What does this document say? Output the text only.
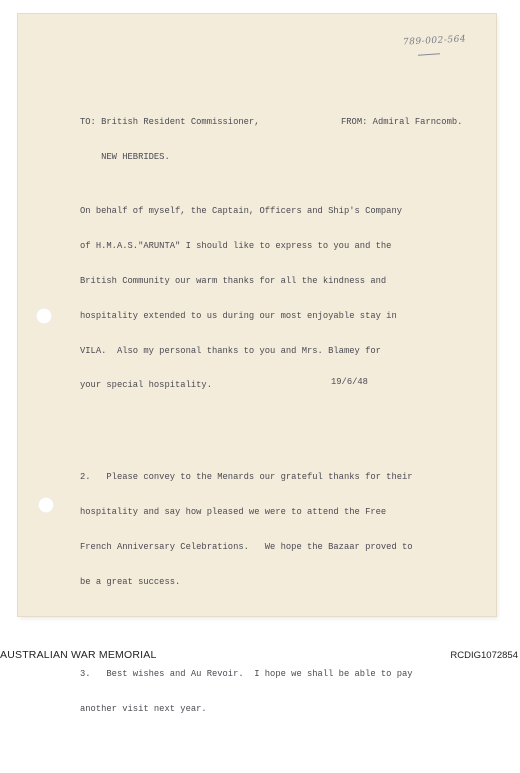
789-002-564

TO: British Resident Commissioner,

NEW HEBRIDES.

FROM: Admiral Farncomb.

On behalf of myself, the Captain, Officers and Ship's Company

of H.M.A.S."ARUNTA" I should like to express to you and the

British Community our warm thanks for all the kindness and

hospitality extended to us during our most enjoyable stay in

VILA.  Also my personal thanks to you and Mrs. Blamey for

your special hospitality.

2.   Please convey to the Menards our grateful thanks for their

hospitality and say how pleased we were to attend the Free

French Anniversary Celebrations.   We hope the Bazaar proved to

be a great success.

3.   Best wishes and Au Revoir.  I hope we shall be able to pay

another visit next year.

19/6/48
AUSTRALIAN WAR MEMORIAL	RCDIG1072854
